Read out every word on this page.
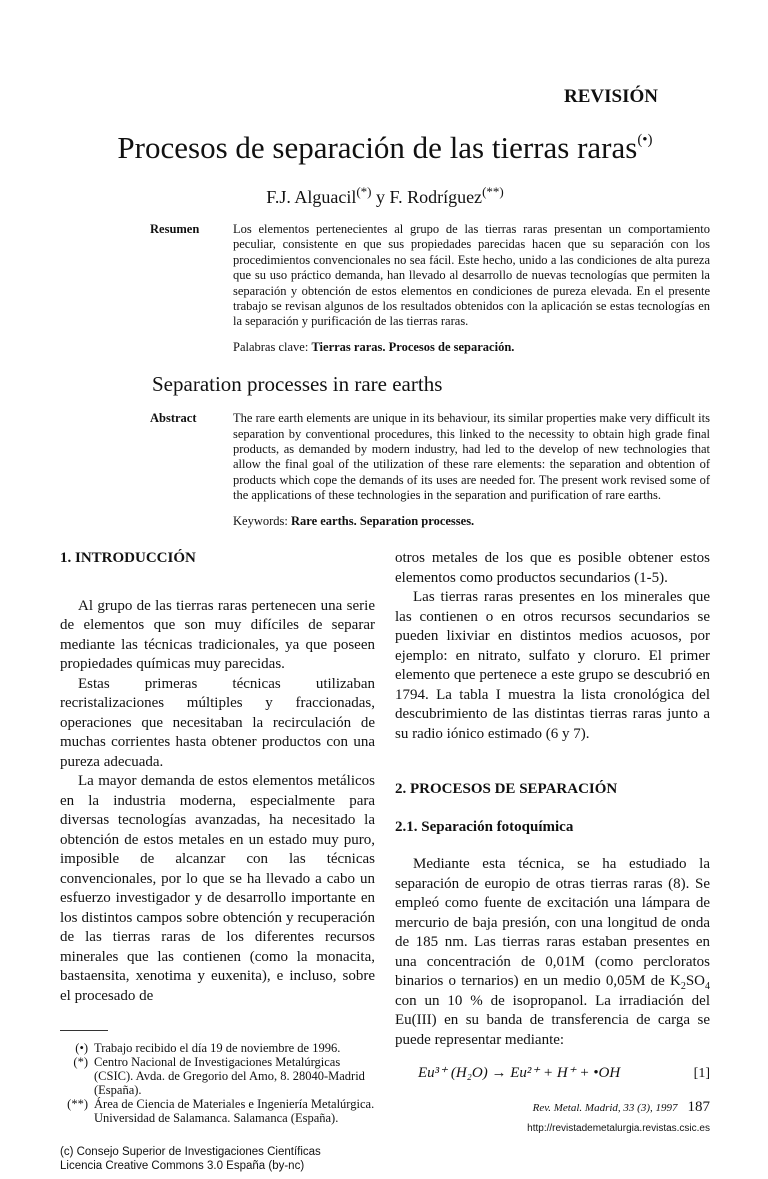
REVISIÓN
Procesos de separación de las tierras raras(•)
F.J. Alguacil(*) y F. Rodríguez(**)
Resumen	Los elementos pertenecientes al grupo de las tierras raras presentan un comportamiento peculiar, consistente en que sus propiedades parecidas hacen que su separación con los procedimientos convencionales no sea fácil. Este hecho, unido a las condiciones de alta pureza que su uso práctico demanda, han llevado al desarrollo de nuevas tecnologías que permiten la separación y obtención de estos elementos en condiciones de pureza elevada. En el presente trabajo se revisan algunos de los resultados obtenidos con la aplicación se estas tecnologías en la separación y purificación de las tierras raras.
Palabras clave: Tierras raras. Procesos de separación.
Separation processes in rare earths
Abstract	The rare earth elements are unique in its behaviour, its similar properties make very difficult its separation by conventional procedures, this linked to the necessity to obtain high grade final products, as demanded by modern industry, had led to the develop of new technologies that allow the final goal of the utilization of these rare elements: the separation and obtention of products which cope the demands of its uses are needed for. The present work revised some of the applications of these technologies in the separation and purification of rare earths.
Keywords: Rare earths. Separation processes.
1. INTRODUCCIÓN

Al grupo de las tierras raras pertenecen una serie de elementos que son muy difíciles de separar mediante las técnicas tradicionales, ya que poseen propiedades químicas muy parecidas.

Estas primeras técnicas utilizaban recristalizaciones múltiples y fraccionadas, operaciones que necesitaban la recirculación de muchas corrientes hasta obtener productos con una pureza adecuada.

La mayor demanda de estos elementos metálicos en la industria moderna, especialmente para diversas tecnologías avanzadas, ha necesitado la obtención de estos metales en un estado muy puro, imposible de alcanzar con las técnicas convencionales, por lo que se ha llevado a cabo un esfuerzo investigador y de desarrollo importante en los distintos campos sobre obtención y recuperación de las tierras raras de los diferentes recursos minerales que las contienen (como la monacita, bastaensita, xenotima y euxenita), e incluso, sobre el procesado de

(•) Trabajo recibido el día 19 de noviembre de 1996.
(*) Centro Nacional de Investigaciones Metalúrgicas (CSIC). Avda. de Gregorio del Amo, 8. 28040-Madrid (España).
(**) Área de Ciencia de Materiales e Ingeniería Metalúrgica. Universidad de Salamanca. Salamanca (España).
(c) Consejo Superior de Investigaciones Científicas
Licencia Creative Commons 3.0 España (by-nc)

otros metales de los que es posible obtener estos elementos como productos secundarios (1-5).

Las tierras raras presentes en los minerales que las contienen o en otros recursos secundarios se pueden lixiviar en distintos medios acuosos, por ejemplo: en nitrato, sulfato y cloruro. El primer elemento que pertenece a este grupo se descubrió en 1794. La tabla I muestra la lista cronológica del descubrimiento de las distintas tierras raras junto a su radio iónico estimado (6 y 7).

2. PROCESOS DE SEPARACIÓN
2.1. Separación fotoquímica

Mediante esta técnica, se ha estudiado la separación de europio de otras tierras raras (8). Se empleó como fuente de excitación una lámpara de mercurio de baja presión, con una longitud de onda de 185 nm. Las tierras raras estaban presentes en una concentración de 0,01M (como percloratos binarios o ternarios) en un medio 0,05M de $K_2SO_4$ con un 10 % de isopropanol. La irradiación del Eu(III) en su banda de transferencia de carga se puede representar mediante:

Eu³⁺ (H₂O) → Eu²⁺ + H⁺ + •OH	[1]
Rev. Metal. Madrid, 33 (3), 1997 187
http://revistademetalurgia.revistas.csic.es
